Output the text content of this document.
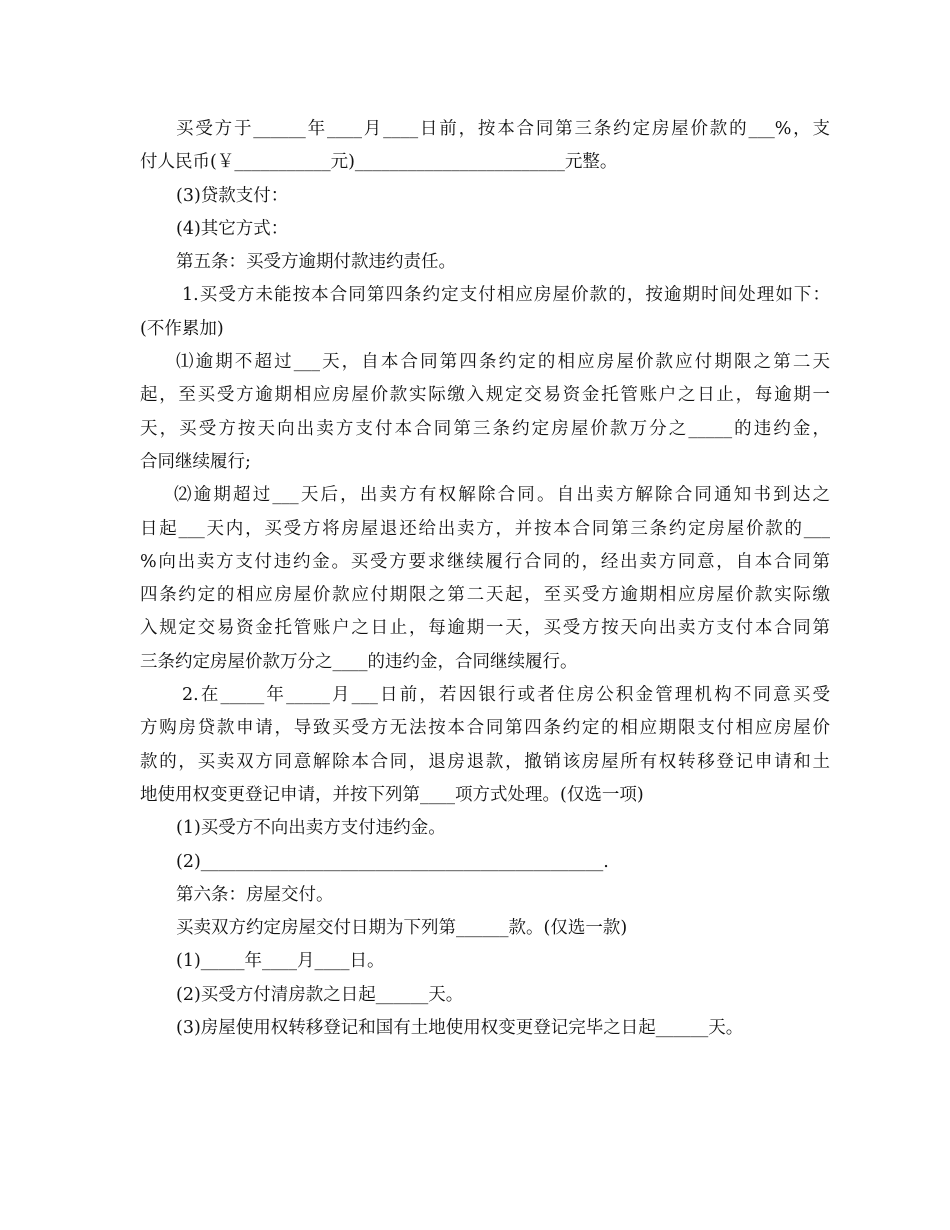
买受方于______年____月____日前，按本合同第三条约定房屋价款的___%，支
付人民币(￥___________元)________________________元整。
(3)贷款支付：
(4)其它方式：
第五条：买受方逾期付款违约责任。
1.买受方未能按本合同第四条约定支付相应房屋价款的，按逾期时间处理如下：
(不作累加)
⑴逾期不超过___天，自本合同第四条约定的相应房屋价款应付期限之第二天
起，至买受方逾期相应房屋价款实际缴入规定交易资金托管账户之日止，每逾期一
天，买受方按天向出卖方支付本合同第三条约定房屋价款万分之_____的违约金，
合同继续履行;
⑵逾期超过___天后，出卖方有权解除合同。自出卖方解除合同通知书到达之
日起___天内，买受方将房屋退还给出卖方，并按本合同第三条约定房屋价款的___
%向出卖方支付违约金。买受方要求继续履行合同的，经出卖方同意，自本合同第
四条约定的相应房屋价款应付期限之第二天起，至买受方逾期相应房屋价款实际缴
入规定交易资金托管账户之日止，每逾期一天，买受方按天向出卖方支付本合同第
三条约定房屋价款万分之____的违约金，合同继续履行。
2.在_____年_____月___日前，若因银行或者住房公积金管理机构不同意买受
方购房贷款申请，导致买受方无法按本合同第四条约定的相应期限支付相应房屋价
款的，买卖双方同意解除本合同，退房退款，撤销该房屋所有权转移登记申请和土
地使用权变更登记申请，并按下列第____项方式处理。(仅选一项)
(1)买受方不向出卖方支付违约金。
(2)______________________________________________.
第六条：房屋交付。
买卖双方约定房屋交付日期为下列第______款。(仅选一款)
(1)_____年____月____日。
(2)买受方付清房款之日起______天。
(3)房屋使用权转移登记和国有土地使用权变更登记完毕之日起______天。
